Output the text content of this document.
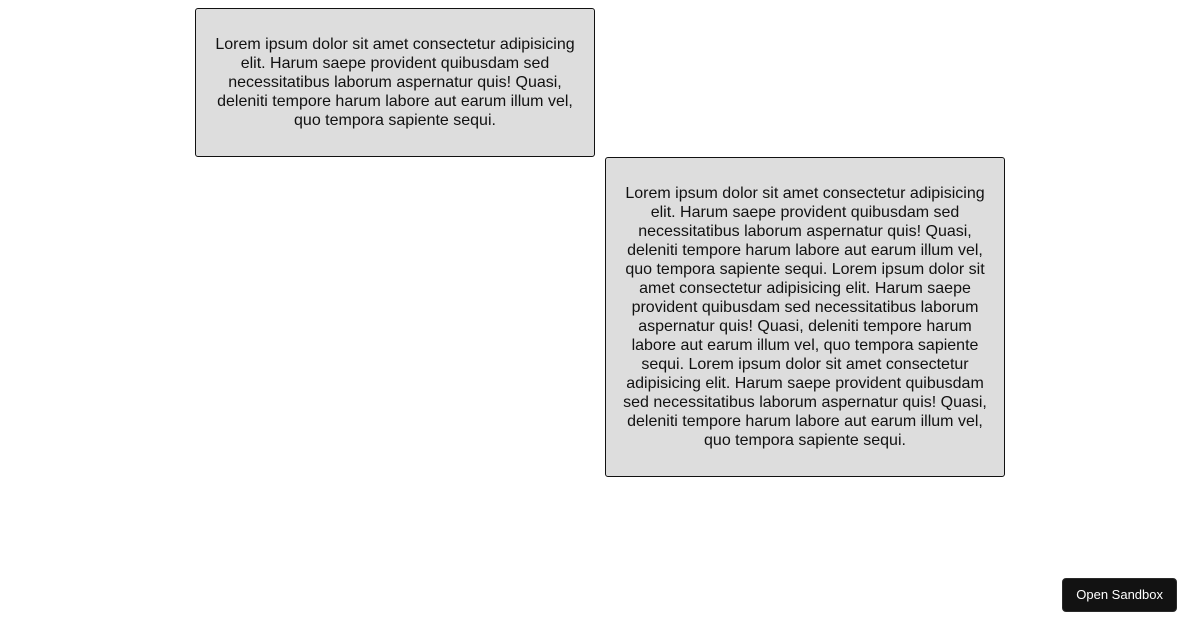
Lorem ipsum dolor sit amet consectetur adipisicing elit. Harum saepe provident quibusdam sed necessitatibus laborum aspernatur quis! Quasi, deleniti tempore harum labore aut earum illum vel, quo tempora sapiente sequi.
Lorem ipsum dolor sit amet consectetur adipisicing elit. Harum saepe provident quibusdam sed necessitatibus laborum aspernatur quis! Quasi, deleniti tempore harum labore aut earum illum vel, quo tempora sapiente sequi. Lorem ipsum dolor sit amet consectetur adipisicing elit. Harum saepe provident quibusdam sed necessitatibus laborum aspernatur quis! Quasi, deleniti tempore harum labore aut earum illum vel, quo tempora sapiente sequi. Lorem ipsum dolor sit amet consectetur adipisicing elit. Harum saepe provident quibusdam sed necessitatibus laborum aspernatur quis! Quasi, deleniti tempore harum labore aut earum illum vel, quo tempora sapiente sequi.
Open Sandbox
